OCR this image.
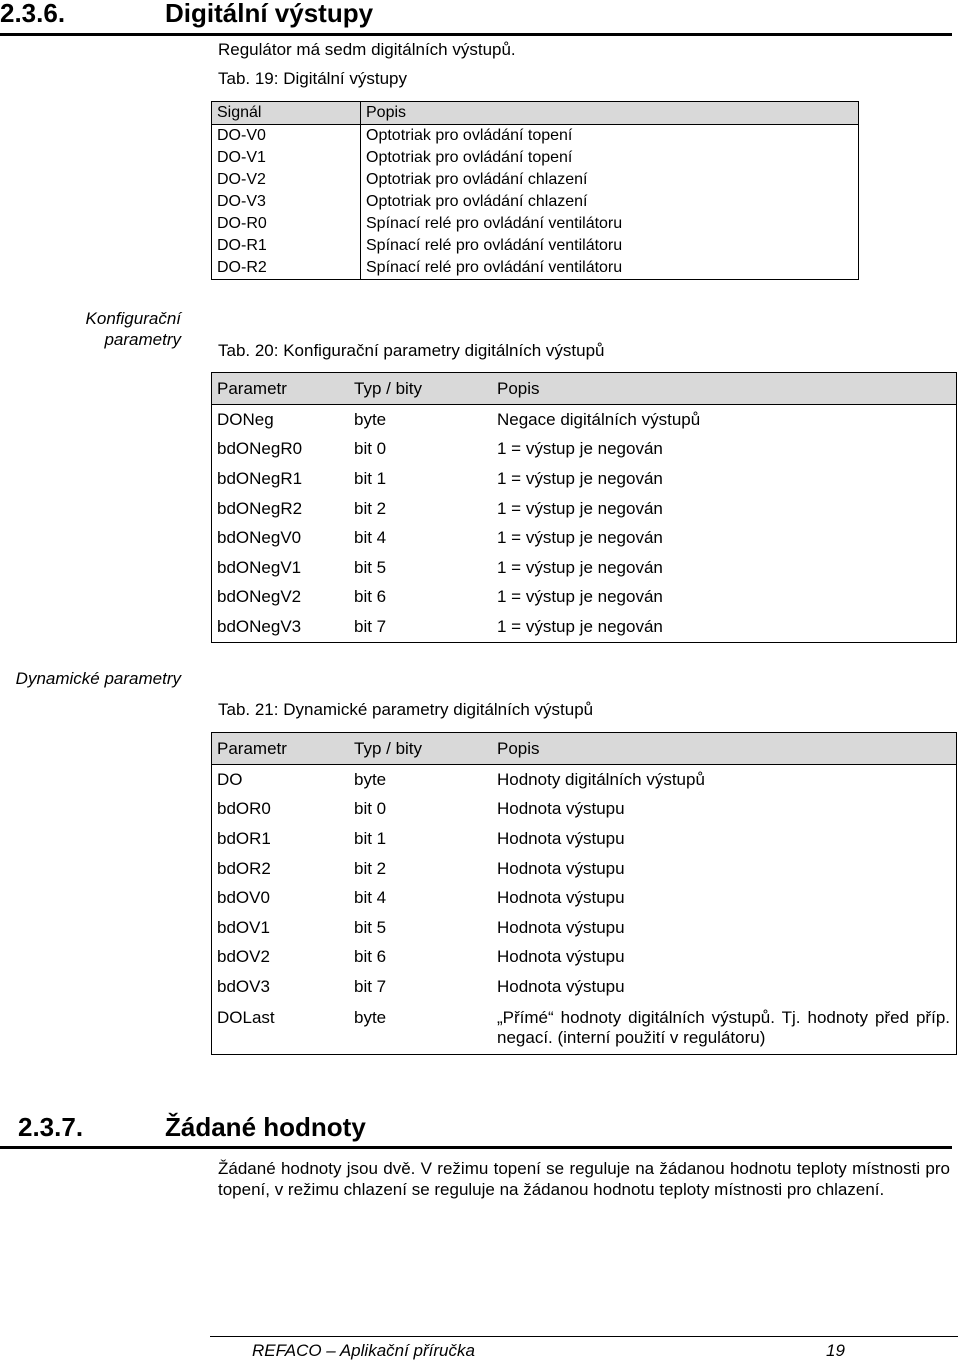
2.3.6.	Digitální výstupy
Regulátor má sedm digitálních výstupů.
Tab. 19: Digitální výstupy
Signál	Popis
DO-V0	Optotriak pro ovládání topení
DO-V1	Optotriak pro ovládání topení
DO-V2	Optotriak pro ovládání chlazení
DO-V3	Optotriak pro ovládání chlazení
DO-R0	Spínací relé pro ovládání ventilátoru
DO-R1	Spínací relé pro ovládání ventilátoru
DO-R2	Spínací relé pro ovládání ventilátoru
Konfigurační
parametry
Tab. 20: Konfigurační parametry digitálních výstupů
Parametr	Typ / bity	Popis
DONeg	byte	Negace digitálních výstupů
bdONegR0	bit 0	1 = výstup je negován
bdONegR1	bit 1	1 = výstup je negován
bdONegR2	bit 2	1 = výstup je negován
bdONegV0	bit 4	1 = výstup je negován
bdONegV1	bit 5	1 = výstup je negován
bdONegV2	bit 6	1 = výstup je negován
bdONegV3	bit 7	1 = výstup je negován
Dynamické parametry
Tab. 21: Dynamické parametry digitálních výstupů
Parametr	Typ / bity	Popis
DO	byte	Hodnoty digitálních výstupů
bdOR0	bit 0	Hodnota výstupu
bdOR1	bit 1	Hodnota výstupu
bdOR2	bit 2	Hodnota výstupu
bdOV0	bit 4	Hodnota výstupu
bdOV1	bit 5	Hodnota výstupu
bdOV2	bit 6	Hodnota výstupu
bdOV3	bit 7	Hodnota výstupu
DOLast	byte	„Přímé“ hodnoty digitálních výstupů. Tj. hodnoty před příp. negací. (interní použití v regulátoru)
2.3.7.	Žádané hodnoty
Žádané hodnoty jsou dvě. V režimu topení se reguluje na žádanou hodnotu teploty místnosti pro topení, v režimu chlazení se reguluje na žádanou hodnotu teploty místnosti pro chlazení.
REFACO – Aplikační příručka	19
